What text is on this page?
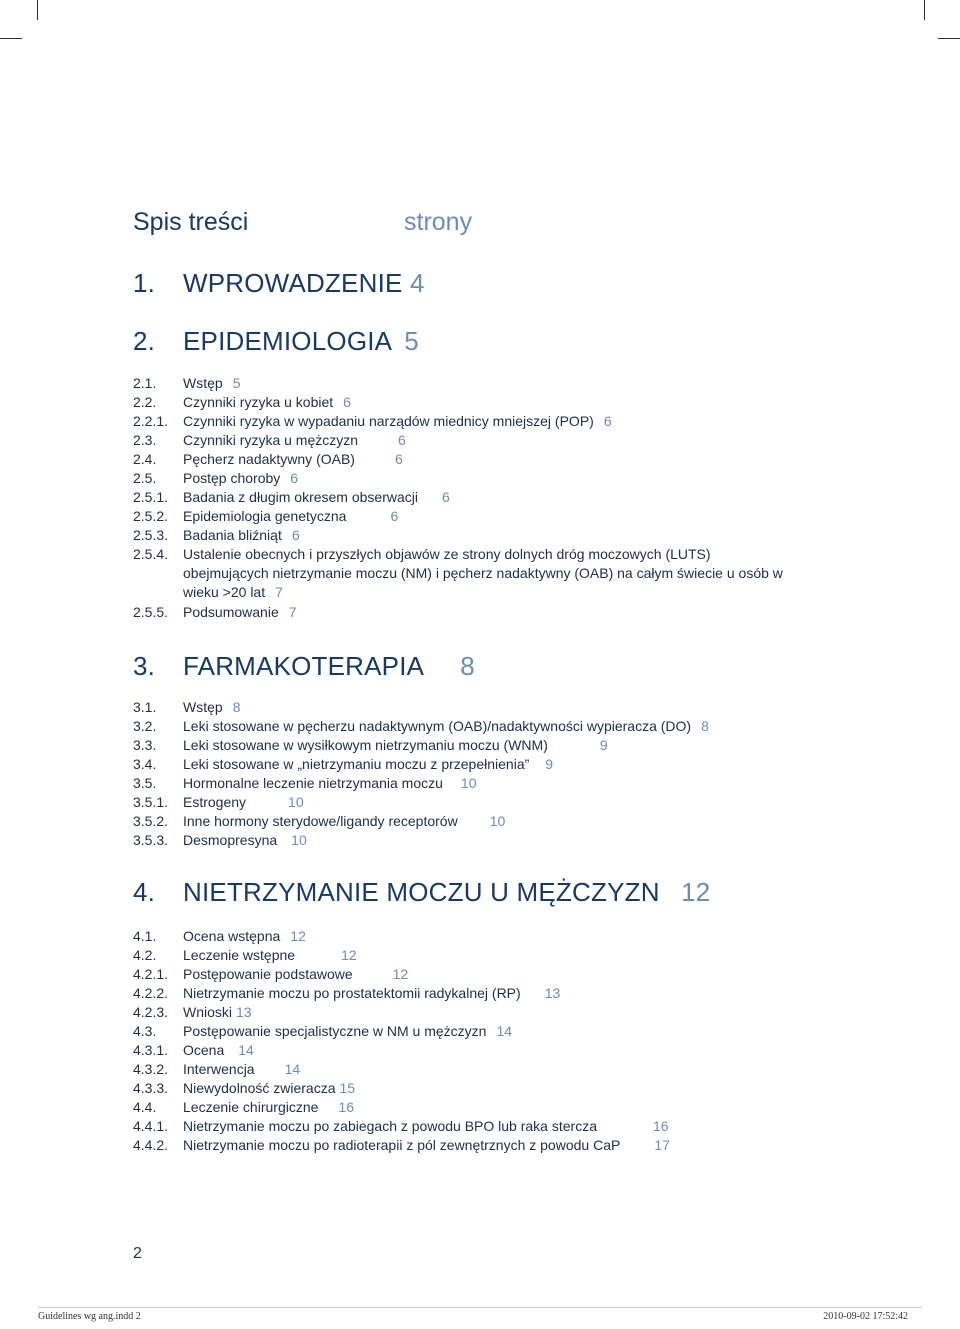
Spis treści	strony
1. WPROWADZENIE 4
2. EPIDEMIOLOGIA 5
2.1. Wstęp 5
2.2. Czynniki ryzyka u kobiet 6
2.2.1. Czynniki ryzyka w wypadaniu narządów miednicy mniejszej (POP) 6
2.3. Czynniki ryzyka u mężczyzn	6
2.4. Pęcherz nadaktywny (OAB)	6
2.5. Postęp choroby 6
2.5.1. Badania z długim okresem obserwacji 6
2.5.2. Epidemiologia genetyczna	6
2.5.3. Badania bliźniąt 6
2.5.4. Ustalenie obecnych i przyszłych objawów ze strony dolnych dróg moczowych (LUTS) obejmujących nietrzymanie moczu (NM) i pęcherz nadaktywny (OAB) na całym świecie u osób w wieku >20 lat 7
2.5.5. Podsumowanie 7
3. FARMAKOTERAPIA 8
3.1. Wstęp 8
3.2. Leki stosowane w pęcherzu nadaktywnym (OAB)/nadaktywności wypieracza (DO) 8
3.3. Leki stosowane w wysiłkowym nietrzymaniu moczu (WNM)	9
3.4. Leki stosowane w „nietrzymaniu moczu z przepełnienia” 9
3.5. Hormonalne leczenie nietrzymania moczu 10
3.5.1. Estrogeny	10
3.5.2. Inne hormony sterydowe/ligandy receptorów 10
3.5.3. Desmopresyna 10
4. NIETRZYMANIE MOCZU U MĘŻCZYZN 12
4.1. Ocena wstępna 12
4.2. Leczenie wstępne	12
4.2.1. Postępowanie podstawowe	12
4.2.2. Nietrzymanie moczu po prostatektomii radykalnej (RP) 13
4.2.3. Wnioski 13
4.3. Postępowanie specjalistyczne w NM u mężczyzn 14
4.3.1. Ocena 14
4.3.2. Interwencja 14
4.3.3. Niewydolność zwieracza 15
4.4. Leczenie chirurgiczne 16
4.4.1. Nietrzymanie moczu po zabiegach z powodu BPO lub raka stercza	16
4.4.2. Nietrzymanie moczu po radioterapii z pól zewnętrznych z powodu CaP 17
2
Guidelines wg ang.indd 2	2010-09-02 17:52:42
